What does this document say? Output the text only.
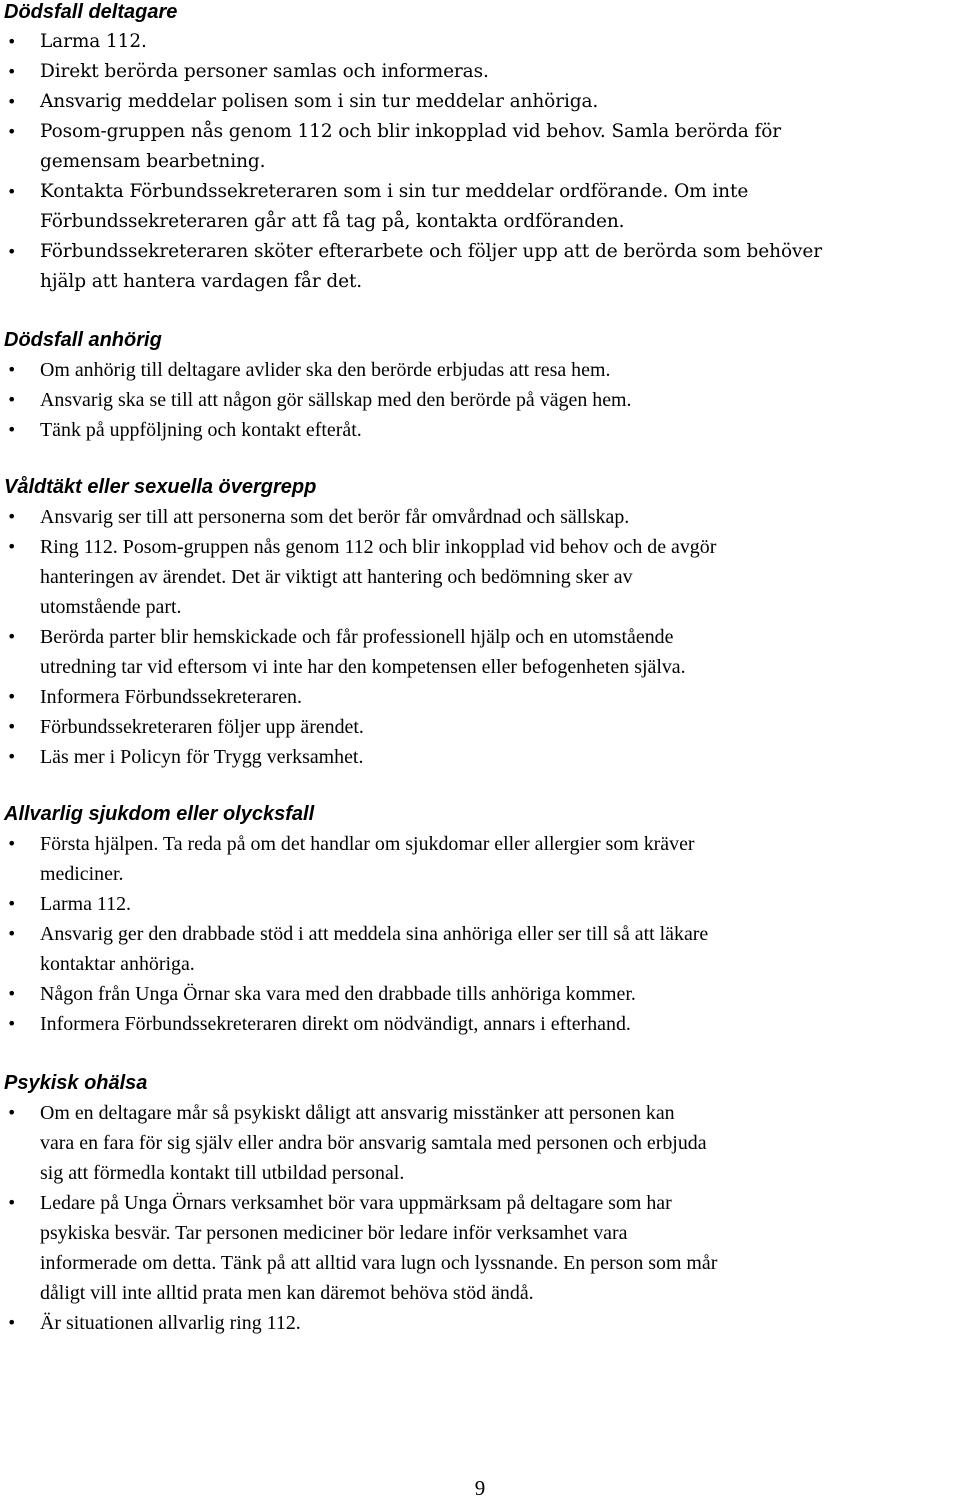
Dödsfall deltagare
• Larma 112.
• Direkt berörda personer samlas och informeras.
• Ansvarig meddelar polisen som i sin tur meddelar anhöriga.
• Posom-gruppen nås genom 112 och blir inkopplad vid behov. Samla berörda för
gemensam bearbetning.
• Kontakta Förbundssekreteraren som i sin tur meddelar ordförande. Om inte
Förbundssekreteraren går att få tag på, kontakta ordföranden.
• Förbundssekreteraren sköter efterarbete och följer upp att de berörda som behöver
hjälp att hantera vardagen får det.
Dödsfall anhörig
• Om anhörig till deltagare avlider ska den berörde erbjudas att resa hem.
• Ansvarig ska se till att någon gör sällskap med den berörde på vägen hem.
• Tänk på uppföljning och kontakt efteråt.
Våldtäkt eller sexuella övergrepp
• Ansvarig ser till att personerna som det berör får omvårdnad och sällskap.
• Ring 112. Posom-gruppen nås genom 112 och blir inkopplad vid behov och de avgör
hanteringen av ärendet. Det är viktigt att hantering och bedömning sker av
utomstående part.
• Berörda parter blir hemskickade och får professionell hjälp och en utomstående
utredning tar vid eftersom vi inte har den kompetensen eller befogenheten själva.
• Informera Förbundssekreteraren.
• Förbundssekreteraren följer upp ärendet.
• Läs mer i Policyn för Trygg verksamhet.
Allvarlig sjukdom eller olycksfall
• Första hjälpen. Ta reda på om det handlar om sjukdomar eller allergier som kräver
mediciner.
• Larma 112.
• Ansvarig ger den drabbade stöd i att meddela sina anhöriga eller ser till så att läkare
kontaktar anhöriga.
• Någon från Unga Örnar ska vara med den drabbade tills anhöriga kommer.
• Informera Förbundssekreteraren direkt om nödvändigt, annars i efterhand.
Psykisk ohälsa
• Om en deltagare mår så psykiskt dåligt att ansvarig misstänker att personen kan
vara en fara för sig själv eller andra bör ansvarig samtala med personen och erbjuda
sig att förmedla kontakt till utbildad personal.
• Ledare på Unga Örnars verksamhet bör vara uppmärksam på deltagare som har
psykiska besvär. Tar personen mediciner bör ledare inför verksamhet vara
informerade om detta. Tänk på att alltid vara lugn och lyssnande. En person som mår
dåligt vill inte alltid prata men kan däremot behöva stöd ändå.
• Är situationen allvarlig ring 112.
9
